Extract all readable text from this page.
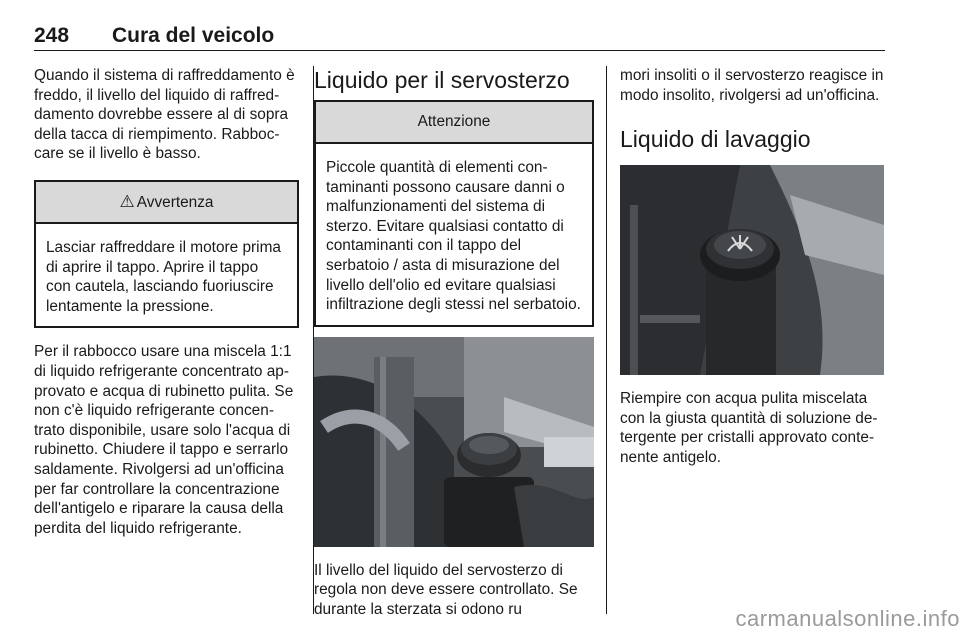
248 Cura del veicolo

Quando il sistema di raffreddamento è freddo, il livello del liquido di raffreddamento dovrebbe essere al di sopra della tacca di riempimento. Rabboccare se il livello è basso.

⚠ Avvertenza
Lasciar raffreddare il motore prima di aprire il tappo. Aprire il tappo con cautela, lasciando fuoriuscire lentamente la pressione.

Per il rabbocco usare una miscela 1:1 di liquido refrigerante concentrato approvato e acqua di rubinetto pulita. Se non c'è liquido refrigerante concentrato disponibile, usare solo l'acqua di rubinetto. Chiudere il tappo e serrarlo saldamente. Rivolgersi ad un'officina per far controllare la concentrazione dell'antigelo e riparare la causa della perdita del liquido refrigerante.

Liquido per il servosterzo
Attenzione
Piccole quantità di elementi contaminanti possono causare danni o malfunzionamenti del sistema di sterzo. Evitare qualsiasi contatto di contaminanti con il tappo del serbatoio / asta di misurazione del livello dell'olio ed evitare qualsiasi infiltrazione degli stessi nel serbatoio.

Il livello del liquido del servosterzo di regola non deve essere controllato. Se durante la sterzata si odono ru

mori insoliti o il servosterzo reagisce in modo insolito, rivolgersi ad un'officina.

Liquido di lavaggio

Riempire con acqua pulita miscelata con la giusta quantità di soluzione detergente per cristalli approvato contenente antigelo.

carmanualsonline.info
